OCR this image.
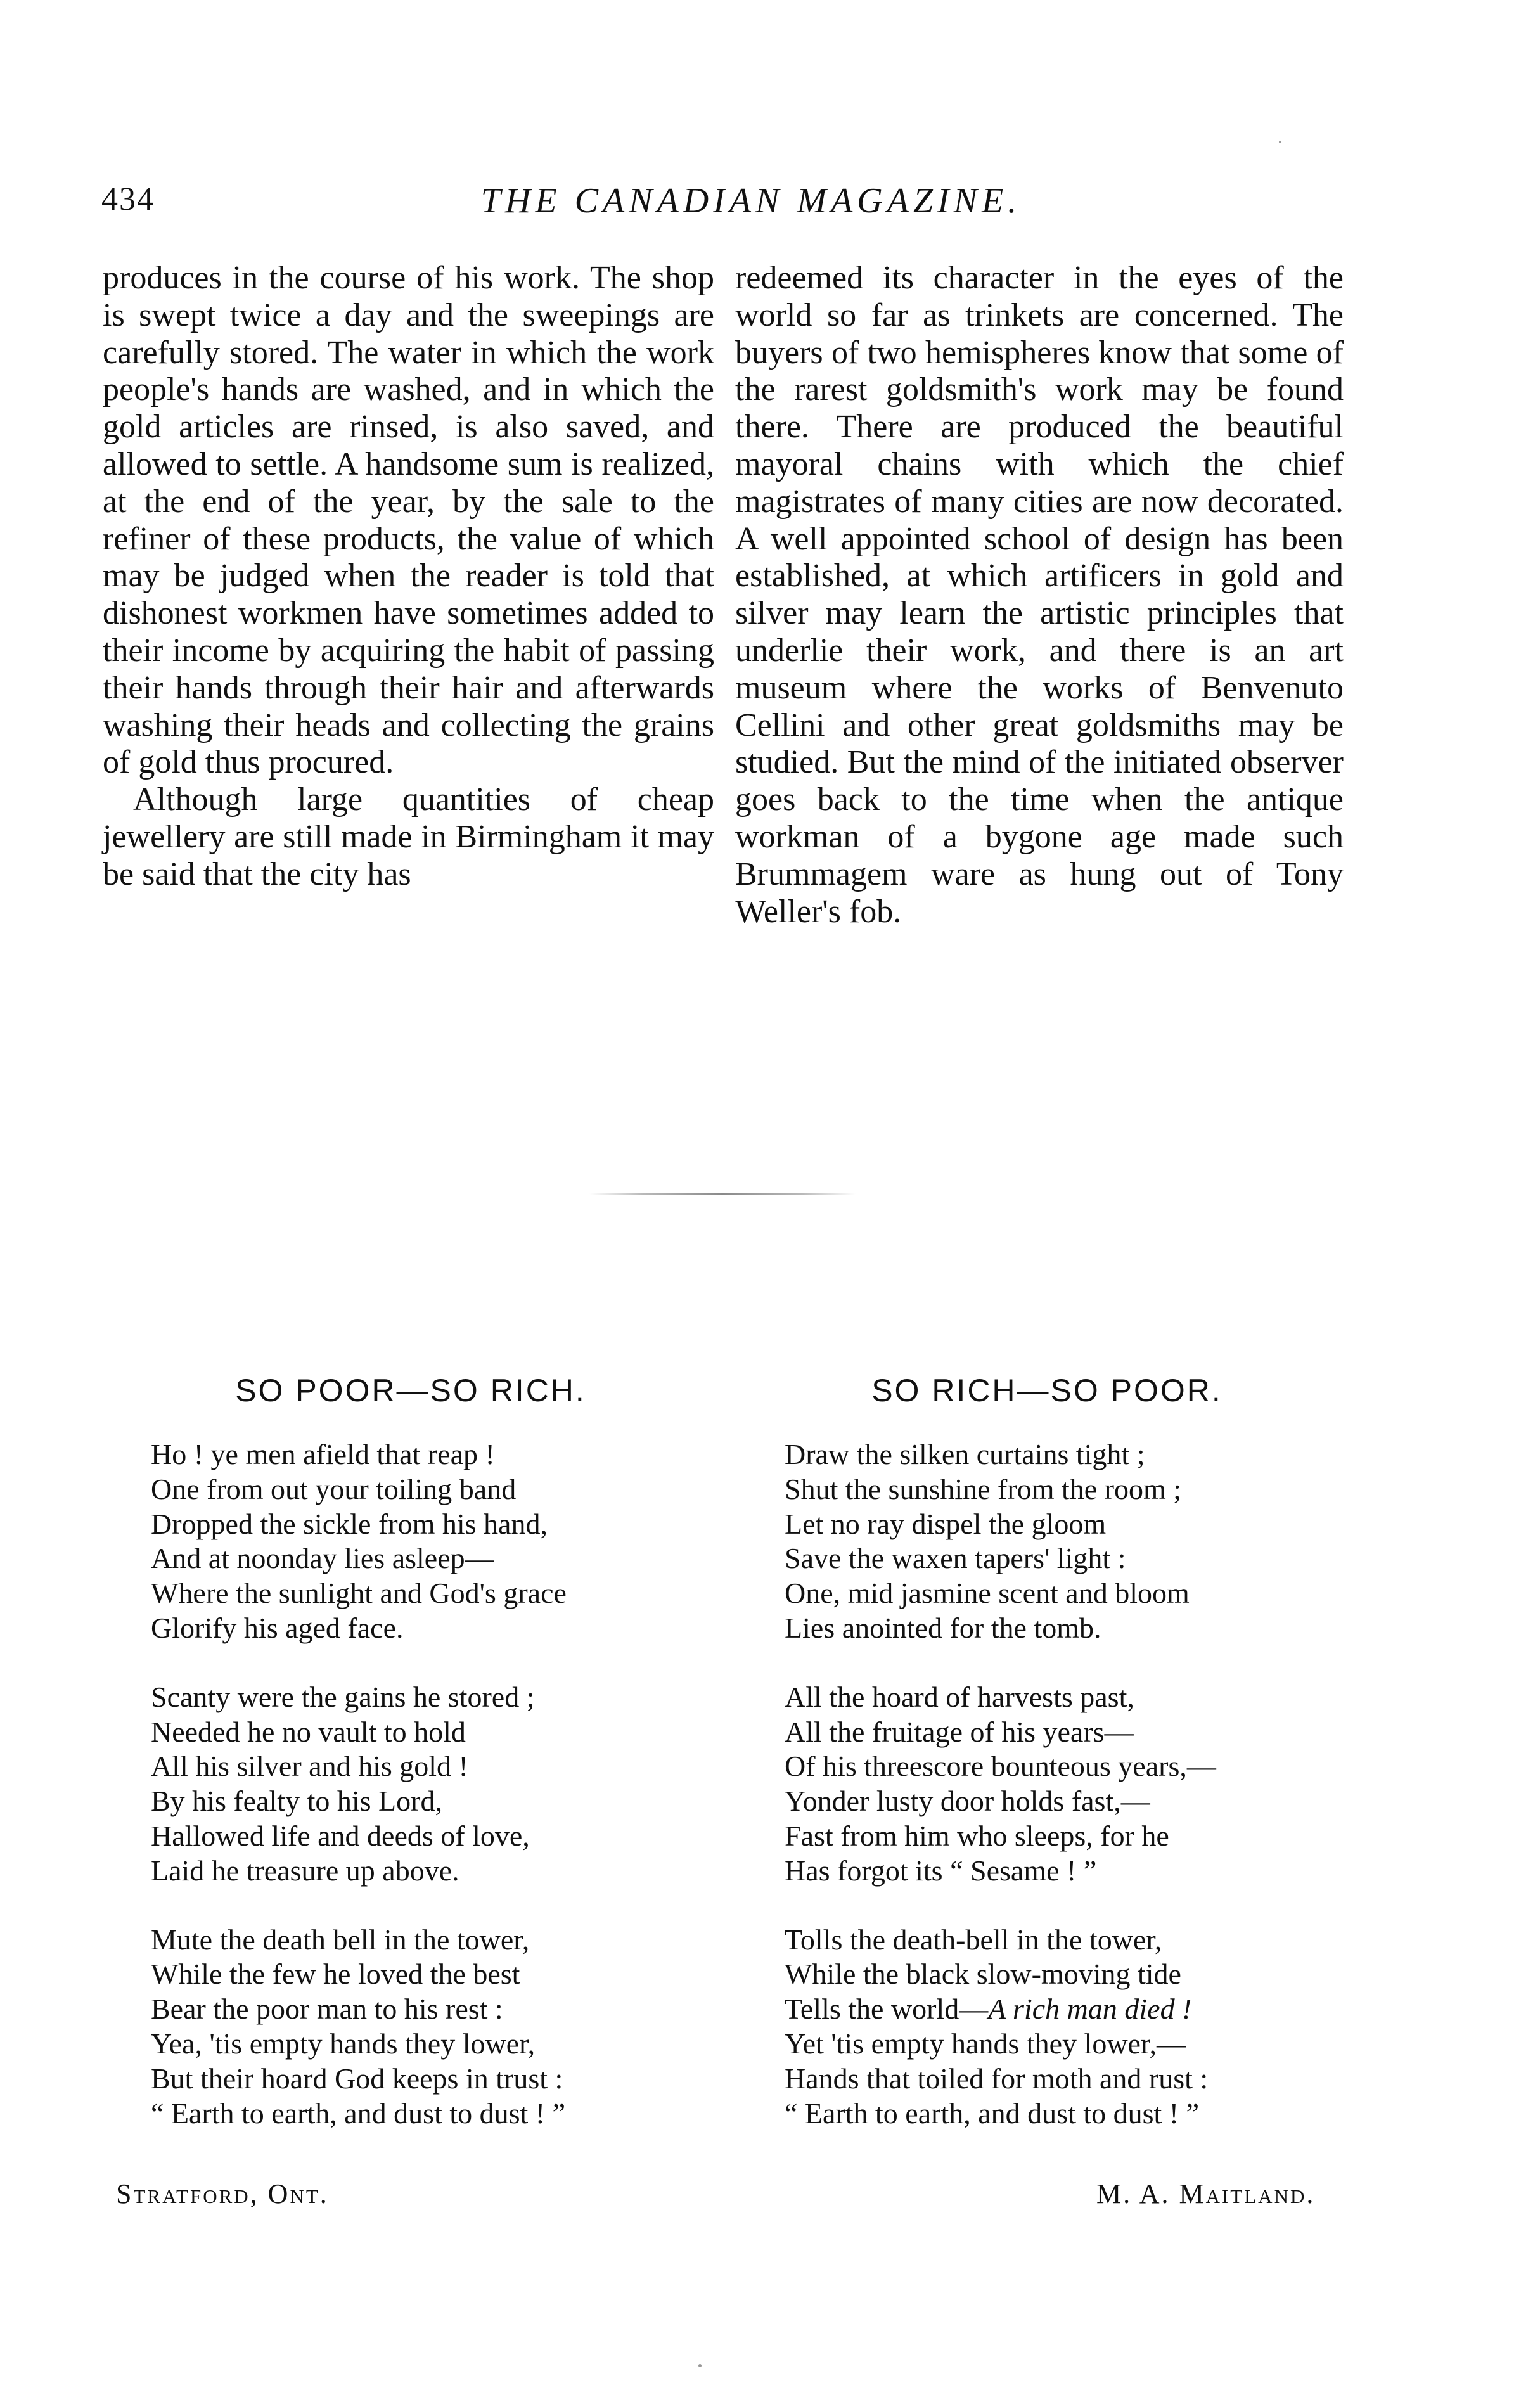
434	THE CANADIAN MAGAZINE.

produces in the course of his work. The shop is swept twice a day and the sweepings are carefully stored. The water in which the work people's hands are washed, and in which the gold articles are rinsed, is also saved, and allowed to settle. A handsome sum is realized, at the end of the year, by the sale to the refiner of these products, the value of which may be judged when the reader is told that dishonest workmen have sometimes added to their income by acquiring the habit of passing their hands through their hair and afterwards washing their heads and collecting the grains of gold thus procured.

Although large quantities of cheap jewellery are still made in Birmingham it may be said that the city has

redeemed its character in the eyes of the world so far as trinkets are concerned. The buyers of two hemispheres know that some of the rarest goldsmith's work may be found there. There are produced the beautiful mayoral chains with which the chief magistrates of many cities are now decorated. A well appointed school of design has been established, at which artificers in gold and silver may learn the artistic principles that underlie their work, and there is an art museum where the works of Benvenuto Cellini and other great goldsmiths may be studied. But the mind of the initiated observer goes back to the time when the antique workman of a bygone age made such Brummagem ware as hung out of Tony Weller's fob.

SO POOR—SO RICH.	SO RICH—SO POOR.
Ho ! ye men afield that reap !
One from out your toiling band
Dropped the sickle from his hand,
And at noonday lies asleep—
Where the sunlight and God's grace
Glorify his aged face.
Scanty were the gains he stored ;
Needed he no vault to hold
All his silver and his gold !
By his fealty to his Lord,
Hallowed life and deeds of love,
Laid he treasure up above.
Mute the death bell in the tower,
While the few he loved the best
Bear the poor man to his rest :
Yea, 'tis empty hands they lower,
But their hoard God keeps in trust :
“ Earth to earth, and dust to dust ! ”
Draw the silken curtains tight ;
Shut the sunshine from the room ;
Let no ray dispel the gloom
Save the waxen tapers' light :
One, mid jasmine scent and bloom
Lies anointed for the tomb.
All the hoard of harvests past,
All the fruitage of his years—
Of his threescore bounteous years,—
Yonder lusty door holds fast,—
Fast from him who sleeps, for he
Has forgot its “ Sesame ! ”
Tolls the death-bell in the tower,
While the black slow-moving tide
Tells the world—A rich man died !
Yet 'tis empty hands they lower,—
Hands that toiled for moth and rust :
“ Earth to earth, and dust to dust ! ”
Stratford, Ont.	M. A. Maitland.
